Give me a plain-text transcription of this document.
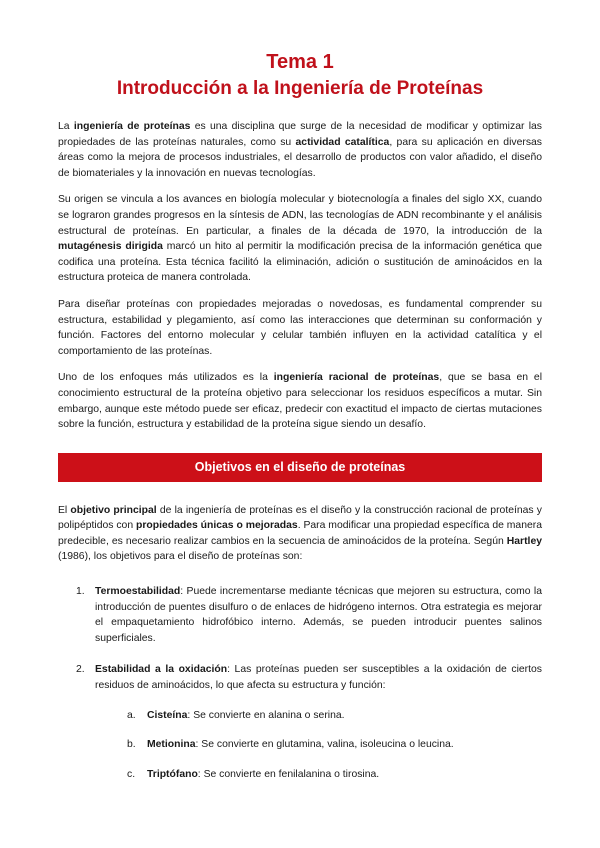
Tema 1
Introducción a la Ingeniería de Proteínas

La ingeniería de proteínas es una disciplina que surge de la necesidad de modificar y optimizar las propiedades de las proteínas naturales, como su actividad catalítica, para su aplicación en diversas áreas como la mejora de procesos industriales, el desarrollo de productos con valor añadido, el diseño de biomateriales y la innovación en nuevas tecnologías.

Su origen se vincula a los avances en biología molecular y biotecnología a finales del siglo XX, cuando se lograron grandes progresos en la síntesis de ADN, las tecnologías de ADN recombinante y el análisis estructural de proteínas. En particular, a finales de la década de 1970, la introducción de la mutagénesis dirigida marcó un hito al permitir la modificación precisa de la información genética que codifica una proteína. Esta técnica facilitó la eliminación, adición o sustitución de aminoácidos en la estructura proteica de manera controlada.

Para diseñar proteínas con propiedades mejoradas o novedosas, es fundamental comprender su estructura, estabilidad y plegamiento, así como las interacciones que determinan su conformación y función. Factores del entorno molecular y celular también influyen en la actividad catalítica y el comportamiento de las proteínas.

Uno de los enfoques más utilizados es la ingeniería racional de proteínas, que se basa en el conocimiento estructural de la proteína objetivo para seleccionar los residuos específicos a mutar. Sin embargo, aunque este método puede ser eficaz, predecir con exactitud el impacto de ciertas mutaciones sobre la función, estructura y estabilidad de la proteína sigue siendo un desafío.

Objetivos en el diseño de proteínas

El objetivo principal de la ingeniería de proteínas es el diseño y la construcción racional de proteínas y polipéptidos con propiedades únicas o mejoradas. Para modificar una propiedad específica de manera predecible, es necesario realizar cambios en la secuencia de aminoácidos de la proteína. Según Hartley (1986), los objetivos para el diseño de proteínas son:

1. Termoestabilidad: Puede incrementarse mediante técnicas que mejoren su estructura, como la introducción de puentes disulfuro o de enlaces de hidrógeno internos. Otra estrategia es mejorar el empaquetamiento hidrofóbico interno. Además, se pueden introducir puentes salinos superficiales.
2. Estabilidad a la oxidación: Las proteínas pueden ser susceptibles a la oxidación de ciertos residuos de aminoácidos, lo que afecta su estructura y función:
a. Cisteína: Se convierte en alanina o serina.
b. Metionina: Se convierte en glutamina, valina, isoleucina o leucina.
c. Triptófano: Se convierte en fenilalanina o tirosina.
